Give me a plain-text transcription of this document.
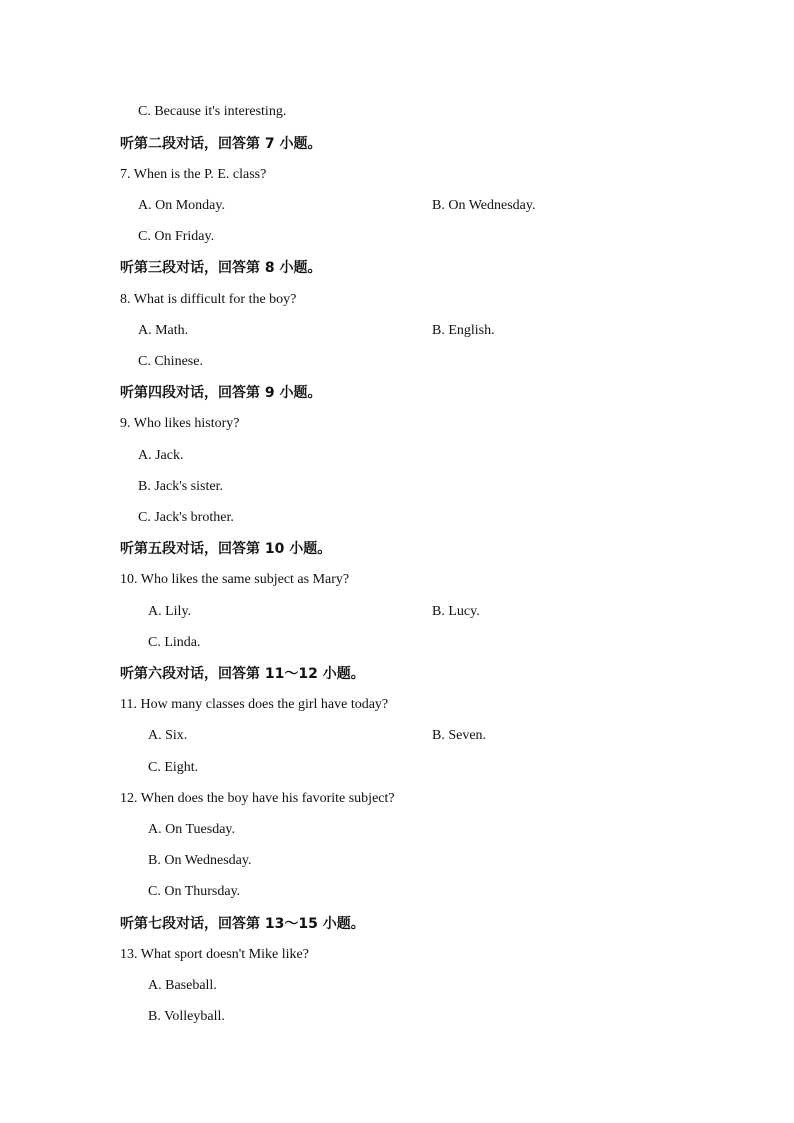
C. Because it's interesting.
听第二段对话，回答第 7 小题。
7. When is the P. E. class?
A. On Monday.	B. On Wednesday.
C. On Friday.
听第三段对话，回答第 8 小题。
8. What is difficult for the boy?
A. Math.	B. English.
C. Chinese.
听第四段对话，回答第 9 小题。
9. Who likes history?
A. Jack.
B. Jack's sister.
C. Jack's brother.
听第五段对话，回答第 10 小题。
10. Who likes the same subject as Mary?
A. Lily.	B. Lucy.
C. Linda.
听第六段对话，回答第 11～12 小题。
11. How many classes does the girl have today?
A. Six.	B. Seven.
C. Eight.
12. When does the boy have his favorite subject?
A. On Tuesday.
B. On Wednesday.
C. On Thursday.
听第七段对话，回答第 13～15 小题。
13. What sport doesn't Mike like?
A. Baseball.
B. Volleyball.
